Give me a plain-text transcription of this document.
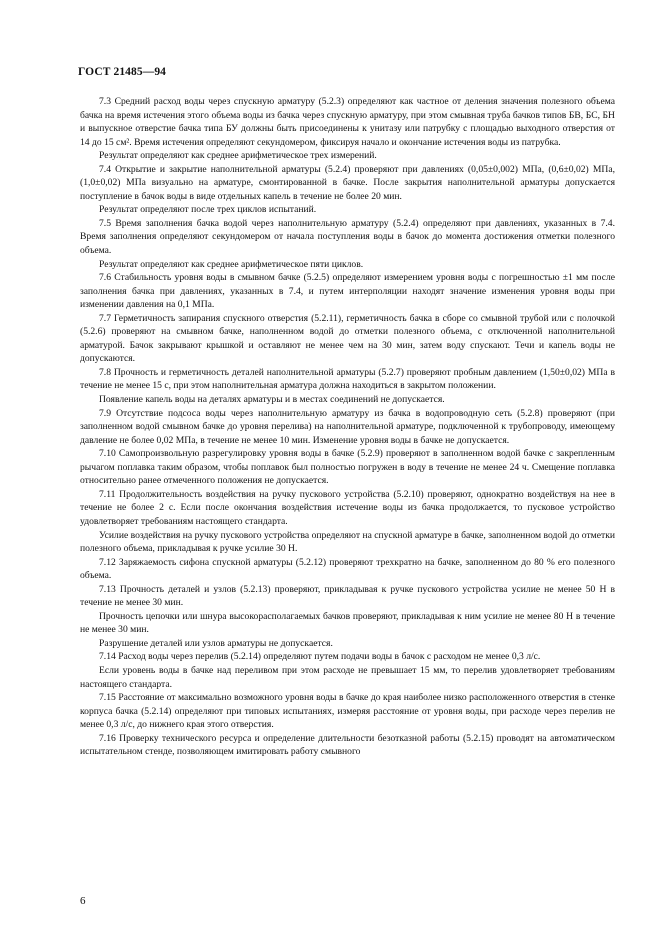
ГОСТ 21485—94

7.3 Средний расход воды через спускную арматуру (5.2.3) определяют как частное от деления значения полезного объема бачка на время истечения этого объема воды из бачка через спускную арматуру, при этом смывная труба бачков типов БВ, БС, БН и выпускное отверстие бачка типа БУ должны быть присоединены к унитазу или патрубку с площадью выходного отверстия от 14 до 15 см². Время истечения определяют секундомером, фиксируя начало и окончание истечения воды из патрубка.

Результат определяют как среднее арифметическое трех измерений.

7.4 Открытие и закрытие наполнительной арматуры (5.2.4) проверяют при давлениях (0,05±0,002) МПа, (0,6±0,02) МПа, (1,0±0,02) МПа визуально на арматуре, смонтированной в бачке. После закрытия наполнительной арматуры допускается поступление в бачок воды в виде отдельных капель в течение не более 20 мин.

Результат определяют после трех циклов испытаний.

7.5 Время заполнения бачка водой через наполнительную арматуру (5.2.4) определяют при давлениях, указанных в 7.4. Время заполнения определяют секундомером от начала поступления воды в бачок до момента достижения отметки полезного объема.

Результат определяют как среднее арифметическое пяти циклов.

7.6 Стабильность уровня воды в смывном бачке (5.2.5) определяют измерением уровня воды с погрешностью ±1 мм после заполнения бачка при давлениях, указанных в 7.4, и путем интерполяции находят значение изменения уровня воды при изменении давления на 0,1 МПа.

7.7 Герметичность запирания спускного отверстия (5.2.11), герметичность бачка в сборе со смывной трубой или с полочкой (5.2.6) проверяют на смывном бачке, наполненном водой до отметки полезного объема, с отключенной наполнительной арматурой. Бачок закрывают крышкой и оставляют не менее чем на 30 мин, затем воду спускают. Течи и капель воды не допускаются.

7.8 Прочность и герметичность деталей наполнительной арматуры (5.2.7) проверяют пробным давлением (1,50±0,02) МПа в течение не менее 15 с, при этом наполнительная арматура должна находиться в закрытом положении.

Появление капель воды на деталях арматуры и в местах соединений не допускается.

7.9 Отсутствие подсоса воды через наполнительную арматуру из бачка в водопроводную сеть (5.2.8) проверяют (при заполненном водой смывном бачке до уровня перелива) на наполнительной арматуре, подключенной к трубопроводу, имеющему давление не более 0,02 МПа, в течение не менее 10 мин. Изменение уровня воды в бачке не допускается.

7.10 Самопроизвольную разрегулировку уровня воды в бачке (5.2.9) проверяют в заполненном водой бачке с закрепленным рычагом поплавка таким образом, чтобы поплавок был полностью погружен в воду в течение не менее 24 ч. Смещение поплавка относительно ранее отмеченного положения не допускается.

7.11 Продолжительность воздействия на ручку пускового устройства (5.2.10) проверяют, однократно воздействуя на нее в течение не более 2 с. Если после окончания воздействия истечение воды из бачка продолжается, то пусковое устройство удовлетворяет требованиям настоящего стандарта.

Усилие воздействия на ручку пускового устройства определяют на спускной арматуре в бачке, заполненном водой до отметки полезного объема, прикладывая к ручке усилие 30 Н.

7.12 Заряжаемость сифона спускной арматуры (5.2.12) проверяют трехкратно на бачке, заполненном до 80 % его полезного объема.

7.13 Прочность деталей и узлов (5.2.13) проверяют, прикладывая к ручке пускового устройства усилие не менее 50 Н в течение не менее 30 мин.

Прочность цепочки или шнура высокорасполагаемых бачков проверяют, прикладывая к ним усилие не менее 80 Н в течение не менее 30 мин.

Разрушение деталей или узлов арматуры не допускается.

7.14 Расход воды через перелив (5.2.14) определяют путем подачи воды в бачок с расходом не менее 0,3 л/с.

Если уровень воды в бачке над переливом при этом расходе не превышает 15 мм, то перелив удовлетворяет требованиям настоящего стандарта.

7.15 Расстояние от максимально возможного уровня воды в бачке до края наиболее низко расположенного отверстия в стенке корпуса бачка (5.2.14) определяют при типовых испытаниях, измеряя расстояние от уровня воды, при расходе через перелив не менее 0,3 л/с, до нижнего края этого отверстия.

7.16 Проверку технического ресурса и определение длительности безотказной работы (5.2.15) проводят на автоматическом испытательном стенде, позволяющем имитировать работу смывного

6
